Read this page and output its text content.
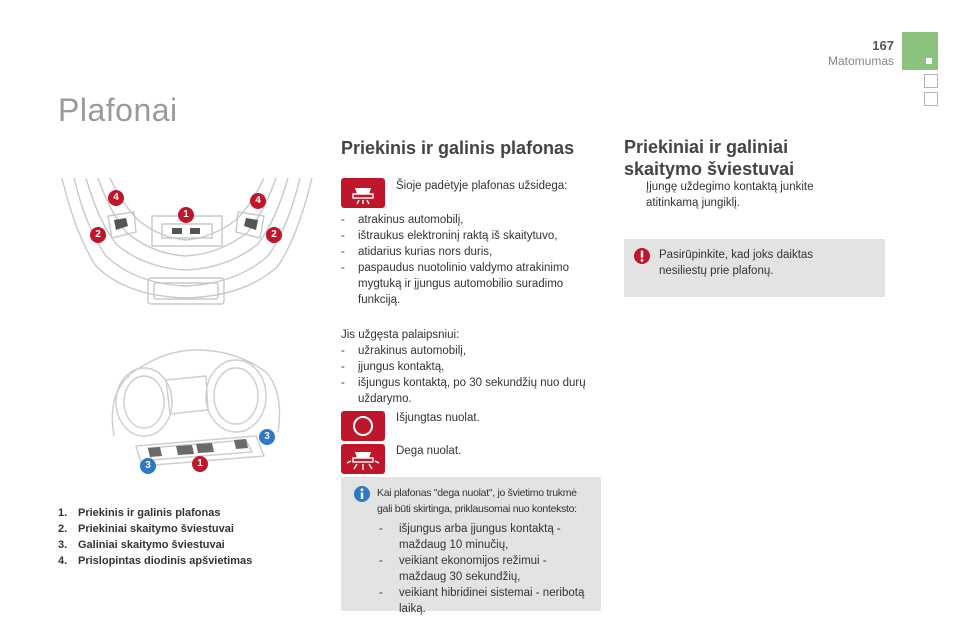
167
Matomumas
Plafonai
4	4
1
2	2
3
3	1
1. Priekinis ir galinis plafonas
2. Priekiniai skaitymo šviestuvai
3. Galiniai skaitymo šviestuvai
4. Prislopintas diodinis apšvietimas
Priekinis ir galinis plafonas
Šioje padėtyje plafonas užsidega:
- atrakinus automobilį,
- ištraukus elektroninį raktą iš skaitytuvo,
- atidarius kurias nors duris,
- paspaudus nuotolinio valdymo atrakinimo mygtuką ir įjungus automobilio suradimo funkciją.
Jis užgęsta palaipsniui:
- užrakinus automobilį,
- įjungus kontaktą,
- išjungus kontaktą, po 30 sekundžių nuo durų uždarymo.
Išjungtas nuolat.
Dega nuolat.
Kai plafonas "dega nuolat", jo švietimo trukmė gali būti skirtinga, priklausomai nuo konteksto:
- išjungus arba įjungus kontaktą - maždaug 10 minučių,
- veikiant ekonomijos režimui - maždaug 30 sekundžių,
- veikiant hibridinei sistemai - neribotą laiką.
Priekiniai ir galiniai
skaitymo šviestuvai
Įjungę uždegimo kontaktą junkite atitinkamą jungiklį.
Pasirūpinkite, kad joks daiktas nesiliestų prie plafonų.
